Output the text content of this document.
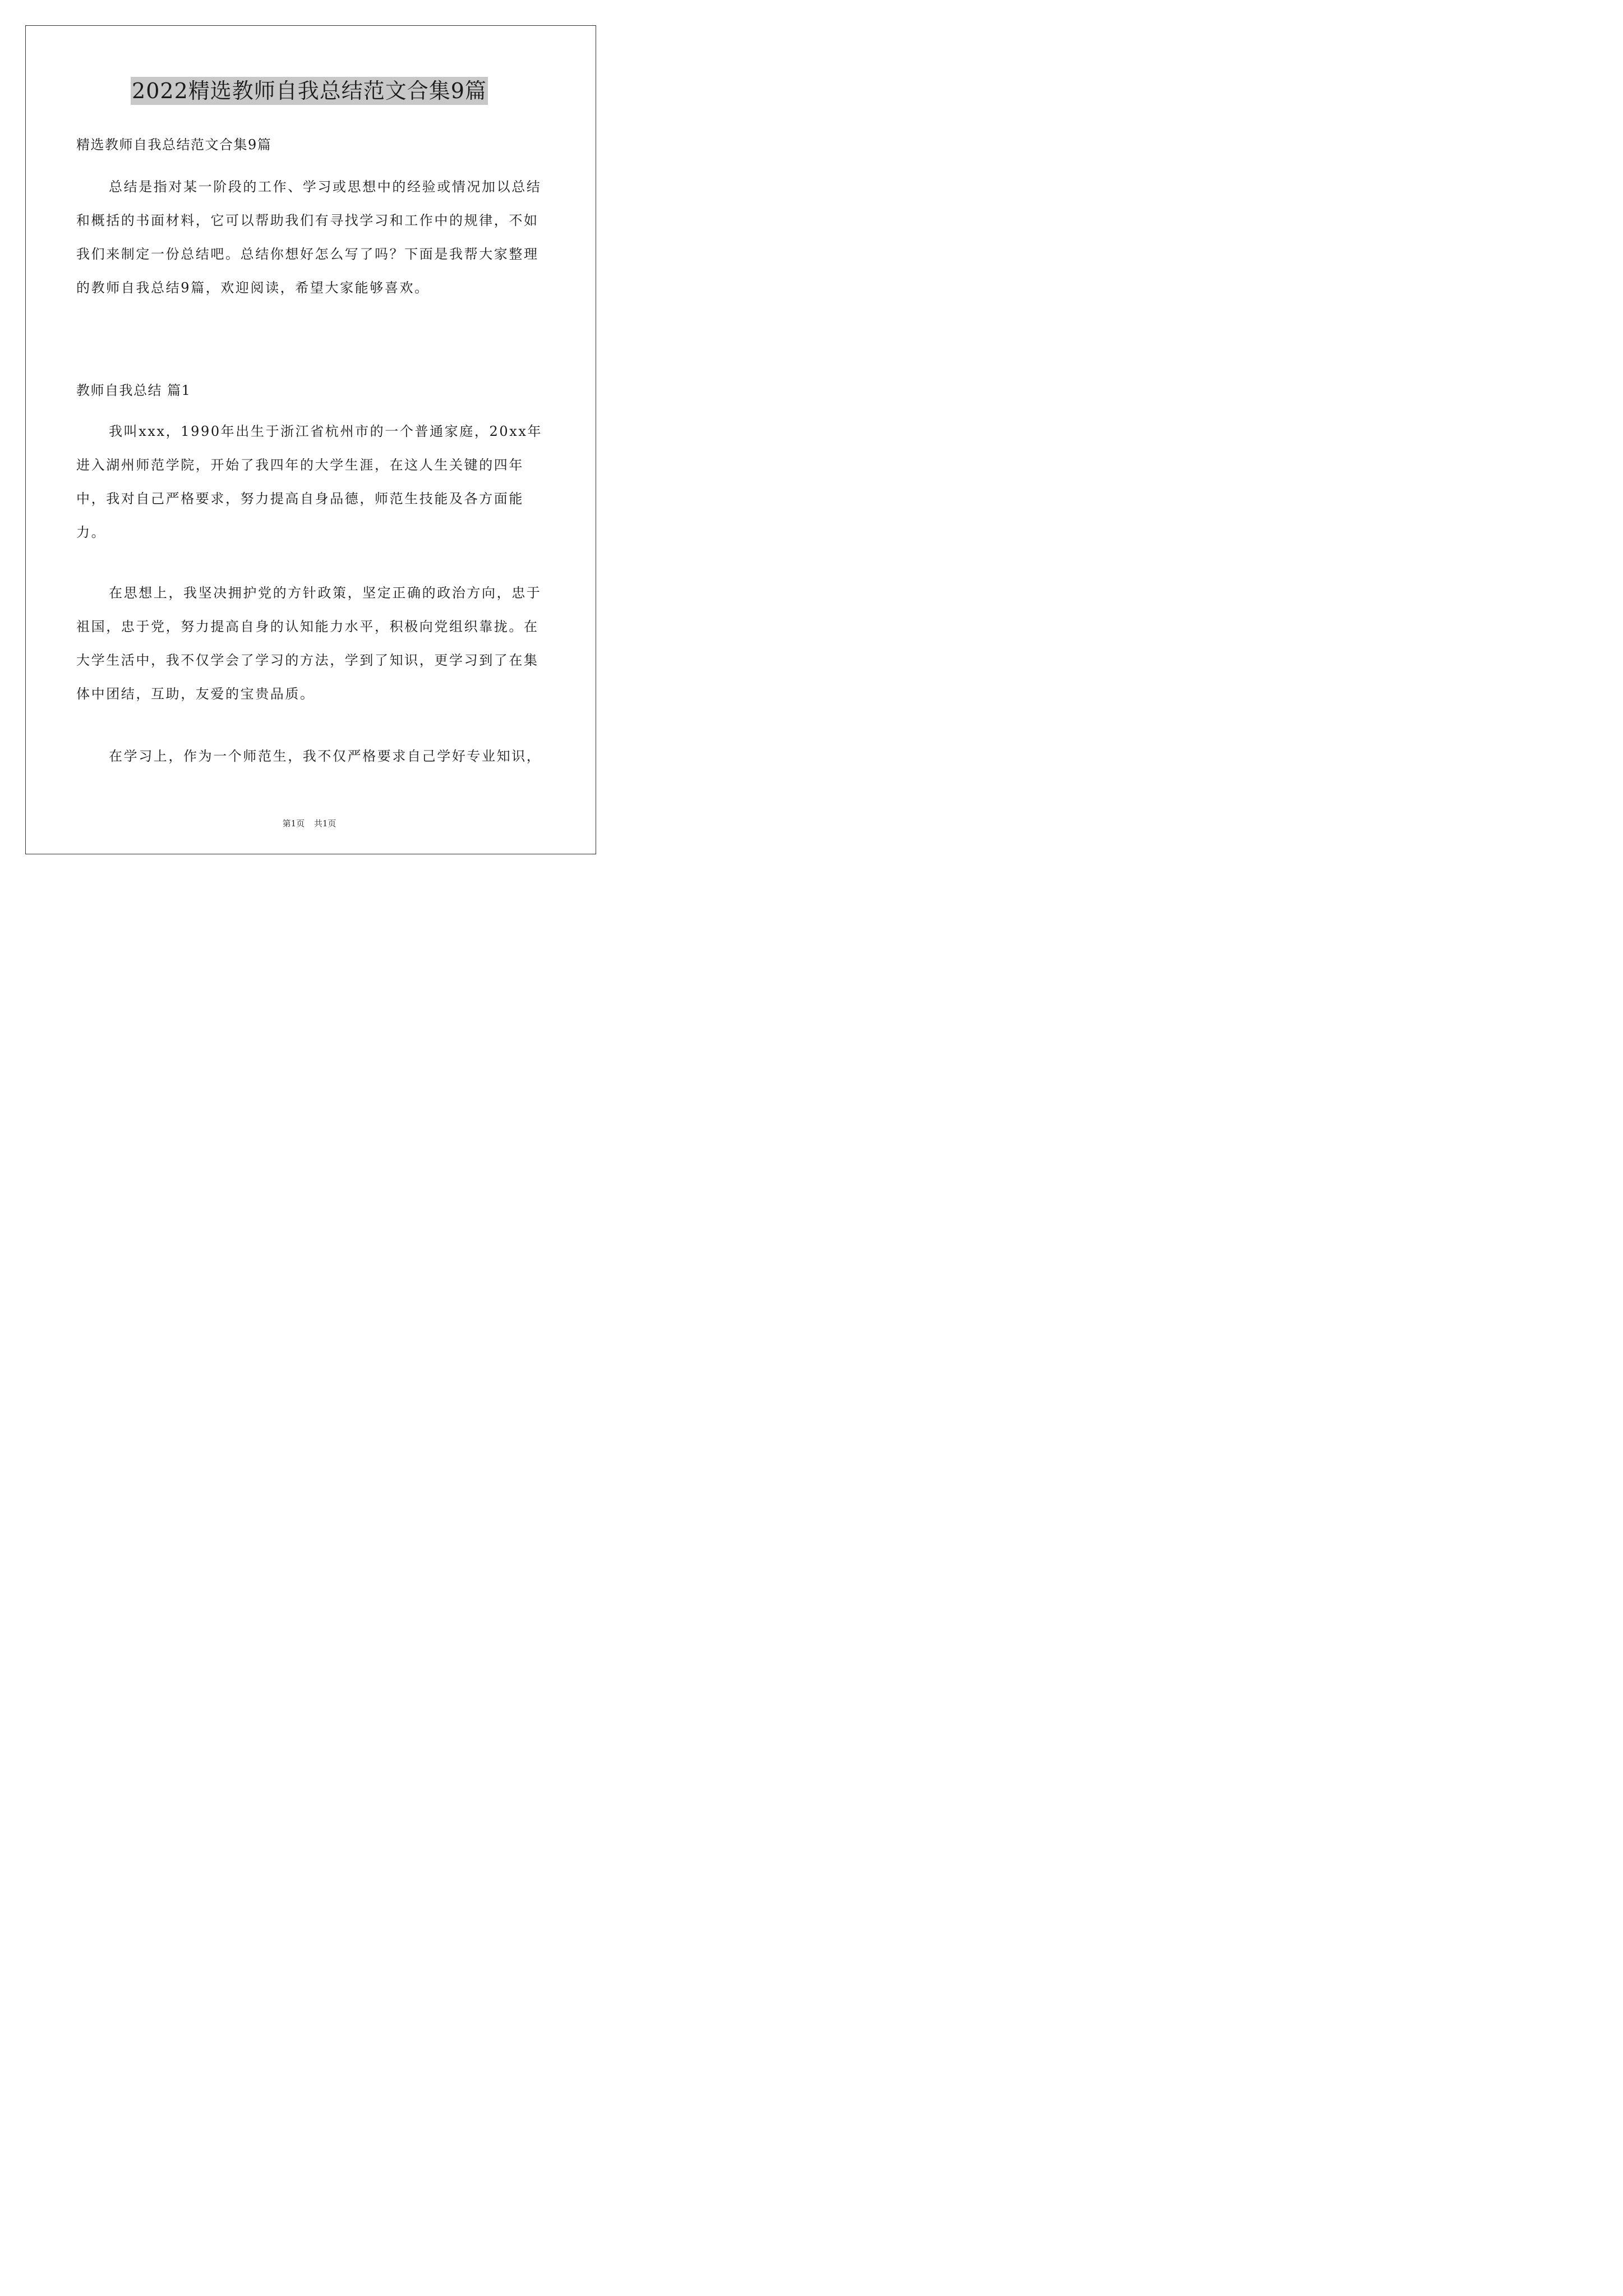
2022精选教师自我总结范文合集9篇

精选教师自我总结范文合集9篇

总结是指对某一阶段的工作、学习或思想中的经验或情况加以总结和概括的书面材料，它可以帮助我们有寻找学习和工作中的规律，不如我们来制定一份总结吧。总结你想好怎么写了吗？下面是我帮大家整理的教师自我总结9篇，欢迎阅读，希望大家能够喜欢。

教师自我总结 篇1

我叫xxx，1990年出生于浙江省杭州市的一个普通家庭，20xx年进入湖州师范学院，开始了我四年的大学生涯，在这人生关键的四年中，我对自己严格要求，努力提高自身品德，师范生技能及各方面能力。

在思想上，我坚决拥护党的方针政策，坚定正确的政治方向，忠于祖国，忠于党，努力提高自身的认知能力水平，积极向党组织靠拢。在大学生活中，我不仅学会了学习的方法，学到了知识，更学习到了在集体中团结，互助，友爱的宝贵品质。

在学习上，作为一个师范生，我不仅严格要求自己学好专业知识，

第1页 共1页
